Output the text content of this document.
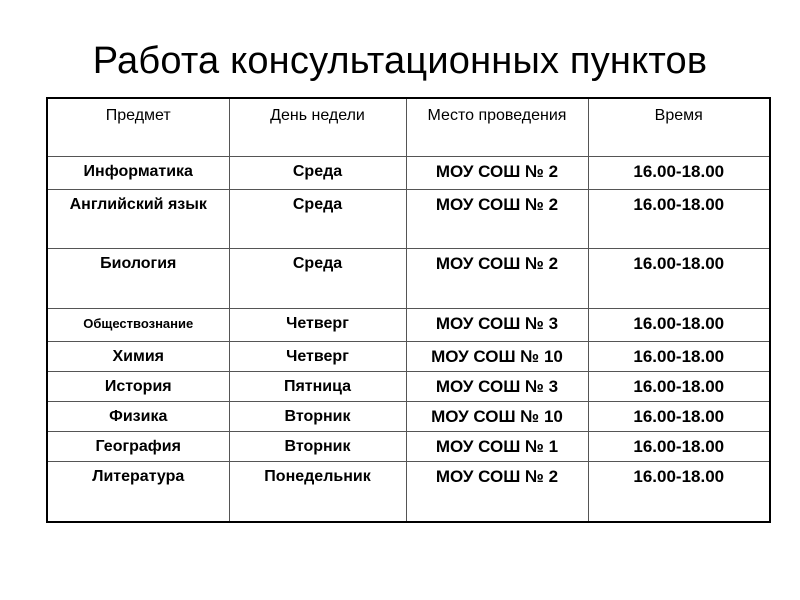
Работа консультационных пунктов
Предмет	День недели	Место проведения	Время
Информатика	Среда	МОУ СОШ № 2	16.00-18.00
Английский язык	Среда	МОУ СОШ № 2	16.00-18.00
Биология	Среда	МОУ СОШ № 2	16.00-18.00
Обществознание	Четверг	МОУ СОШ № 3	16.00-18.00
Химия	Четверг	МОУ СОШ № 10	16.00-18.00
История	Пятница	МОУ СОШ № 3	16.00-18.00
Физика	Вторник	МОУ СОШ № 10	16.00-18.00
География	Вторник	МОУ СОШ № 1	16.00-18.00
Литература	Понедельник	МОУ СОШ № 2	16.00-18.00
